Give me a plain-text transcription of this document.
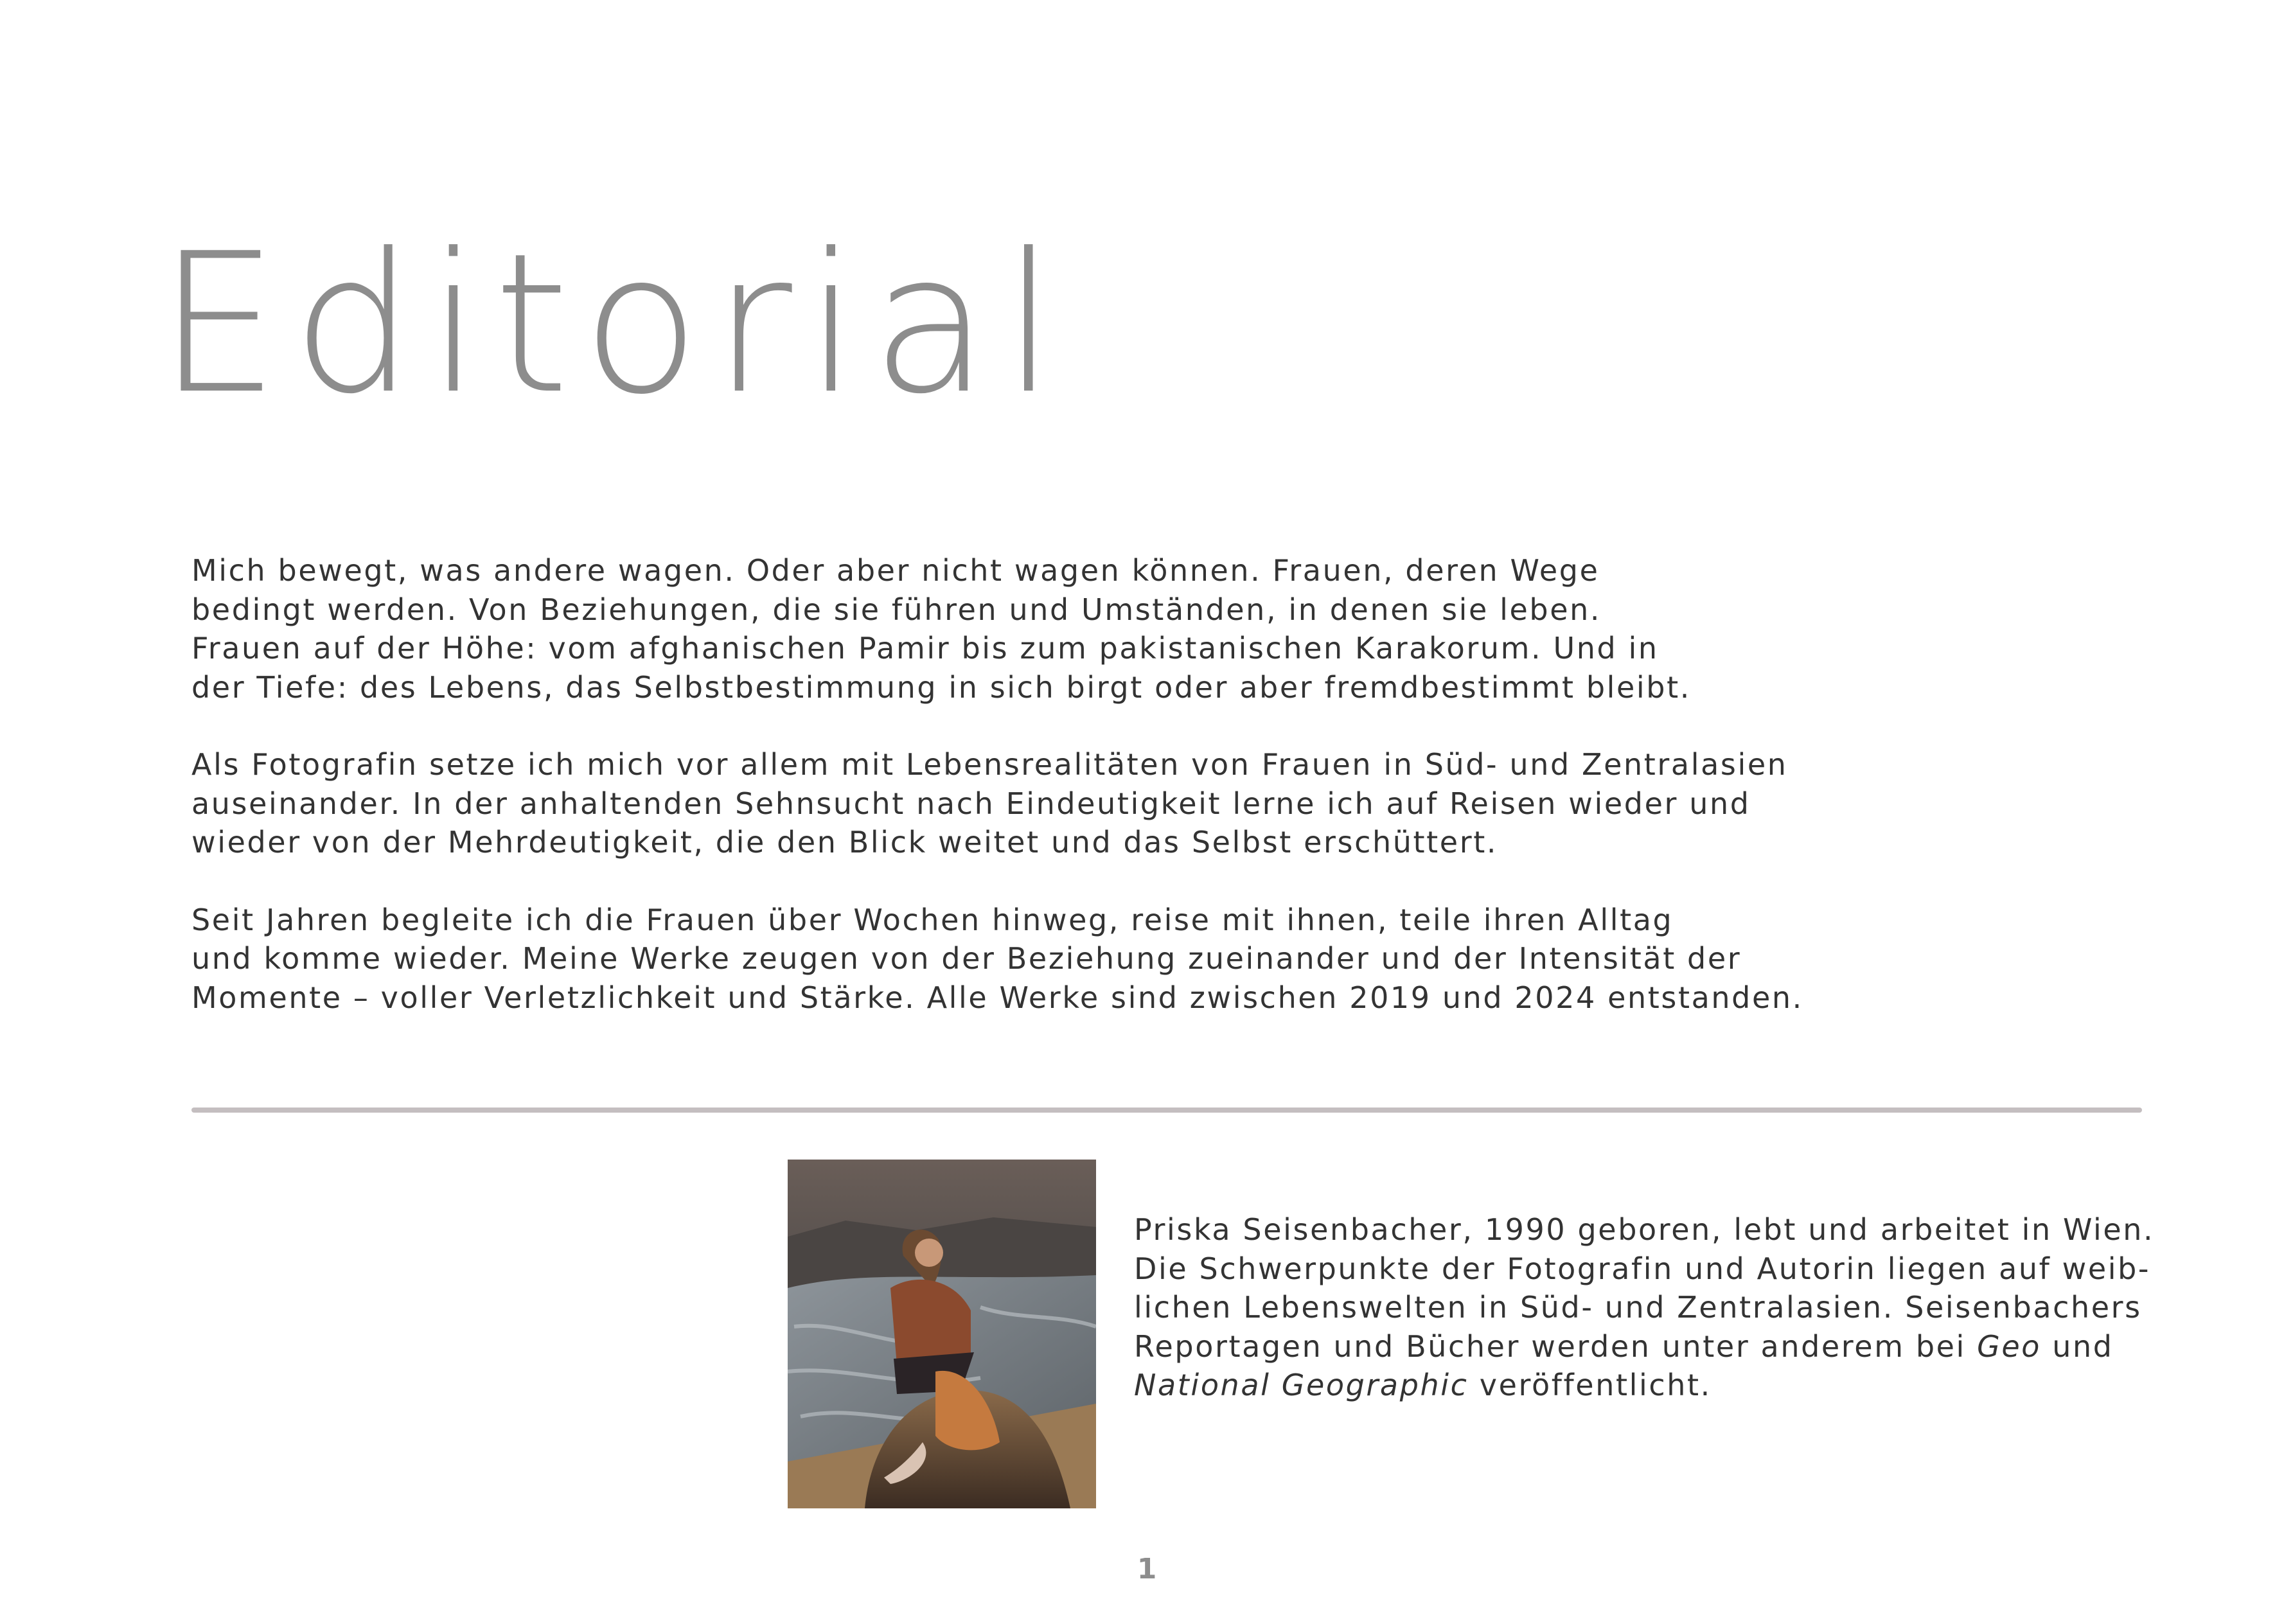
Editorial

Mich bewegt, was andere wagen. Oder aber nicht wagen können. Frauen, deren Wege
bedingt werden. Von Beziehungen, die sie führen und Umständen, in denen sie leben.
Frauen auf der Höhe: vom afghanischen Pamir bis zum pakistanischen Karakorum. Und in
der Tiefe: des Lebens, das Selbstbestimmung in sich birgt oder aber fremdbestimmt bleibt.

Als Fotografin setze ich mich vor allem mit Lebensrealitäten von Frauen in Süd- und Zentralasien
auseinander. In der anhaltenden Sehnsucht nach Eindeutigkeit lerne ich auf Reisen wieder und
wieder von der Mehrdeutigkeit, die den Blick weitet und das Selbst erschüttert.

Seit Jahren begleite ich die Frauen über Wochen hinweg, reise mit ihnen, teile ihren Alltag
und komme wieder. Meine Werke zeugen von der Beziehung zueinander und der Intensität der
Momente – voller Verletzlichkeit und Stärke. Alle Werke sind zwischen 2019 und 2024 entstanden.

Priska Seisenbacher, 1990 geboren, lebt und arbeitet in Wien.
Die Schwerpunkte der Fotografin und Autorin liegen auf weib-
lichen Lebenswelten in Süd- und Zentralasien. Seisenbachers
Reportagen und Bücher werden unter anderem bei Geo und
National Geographic veröffentlicht.

1
